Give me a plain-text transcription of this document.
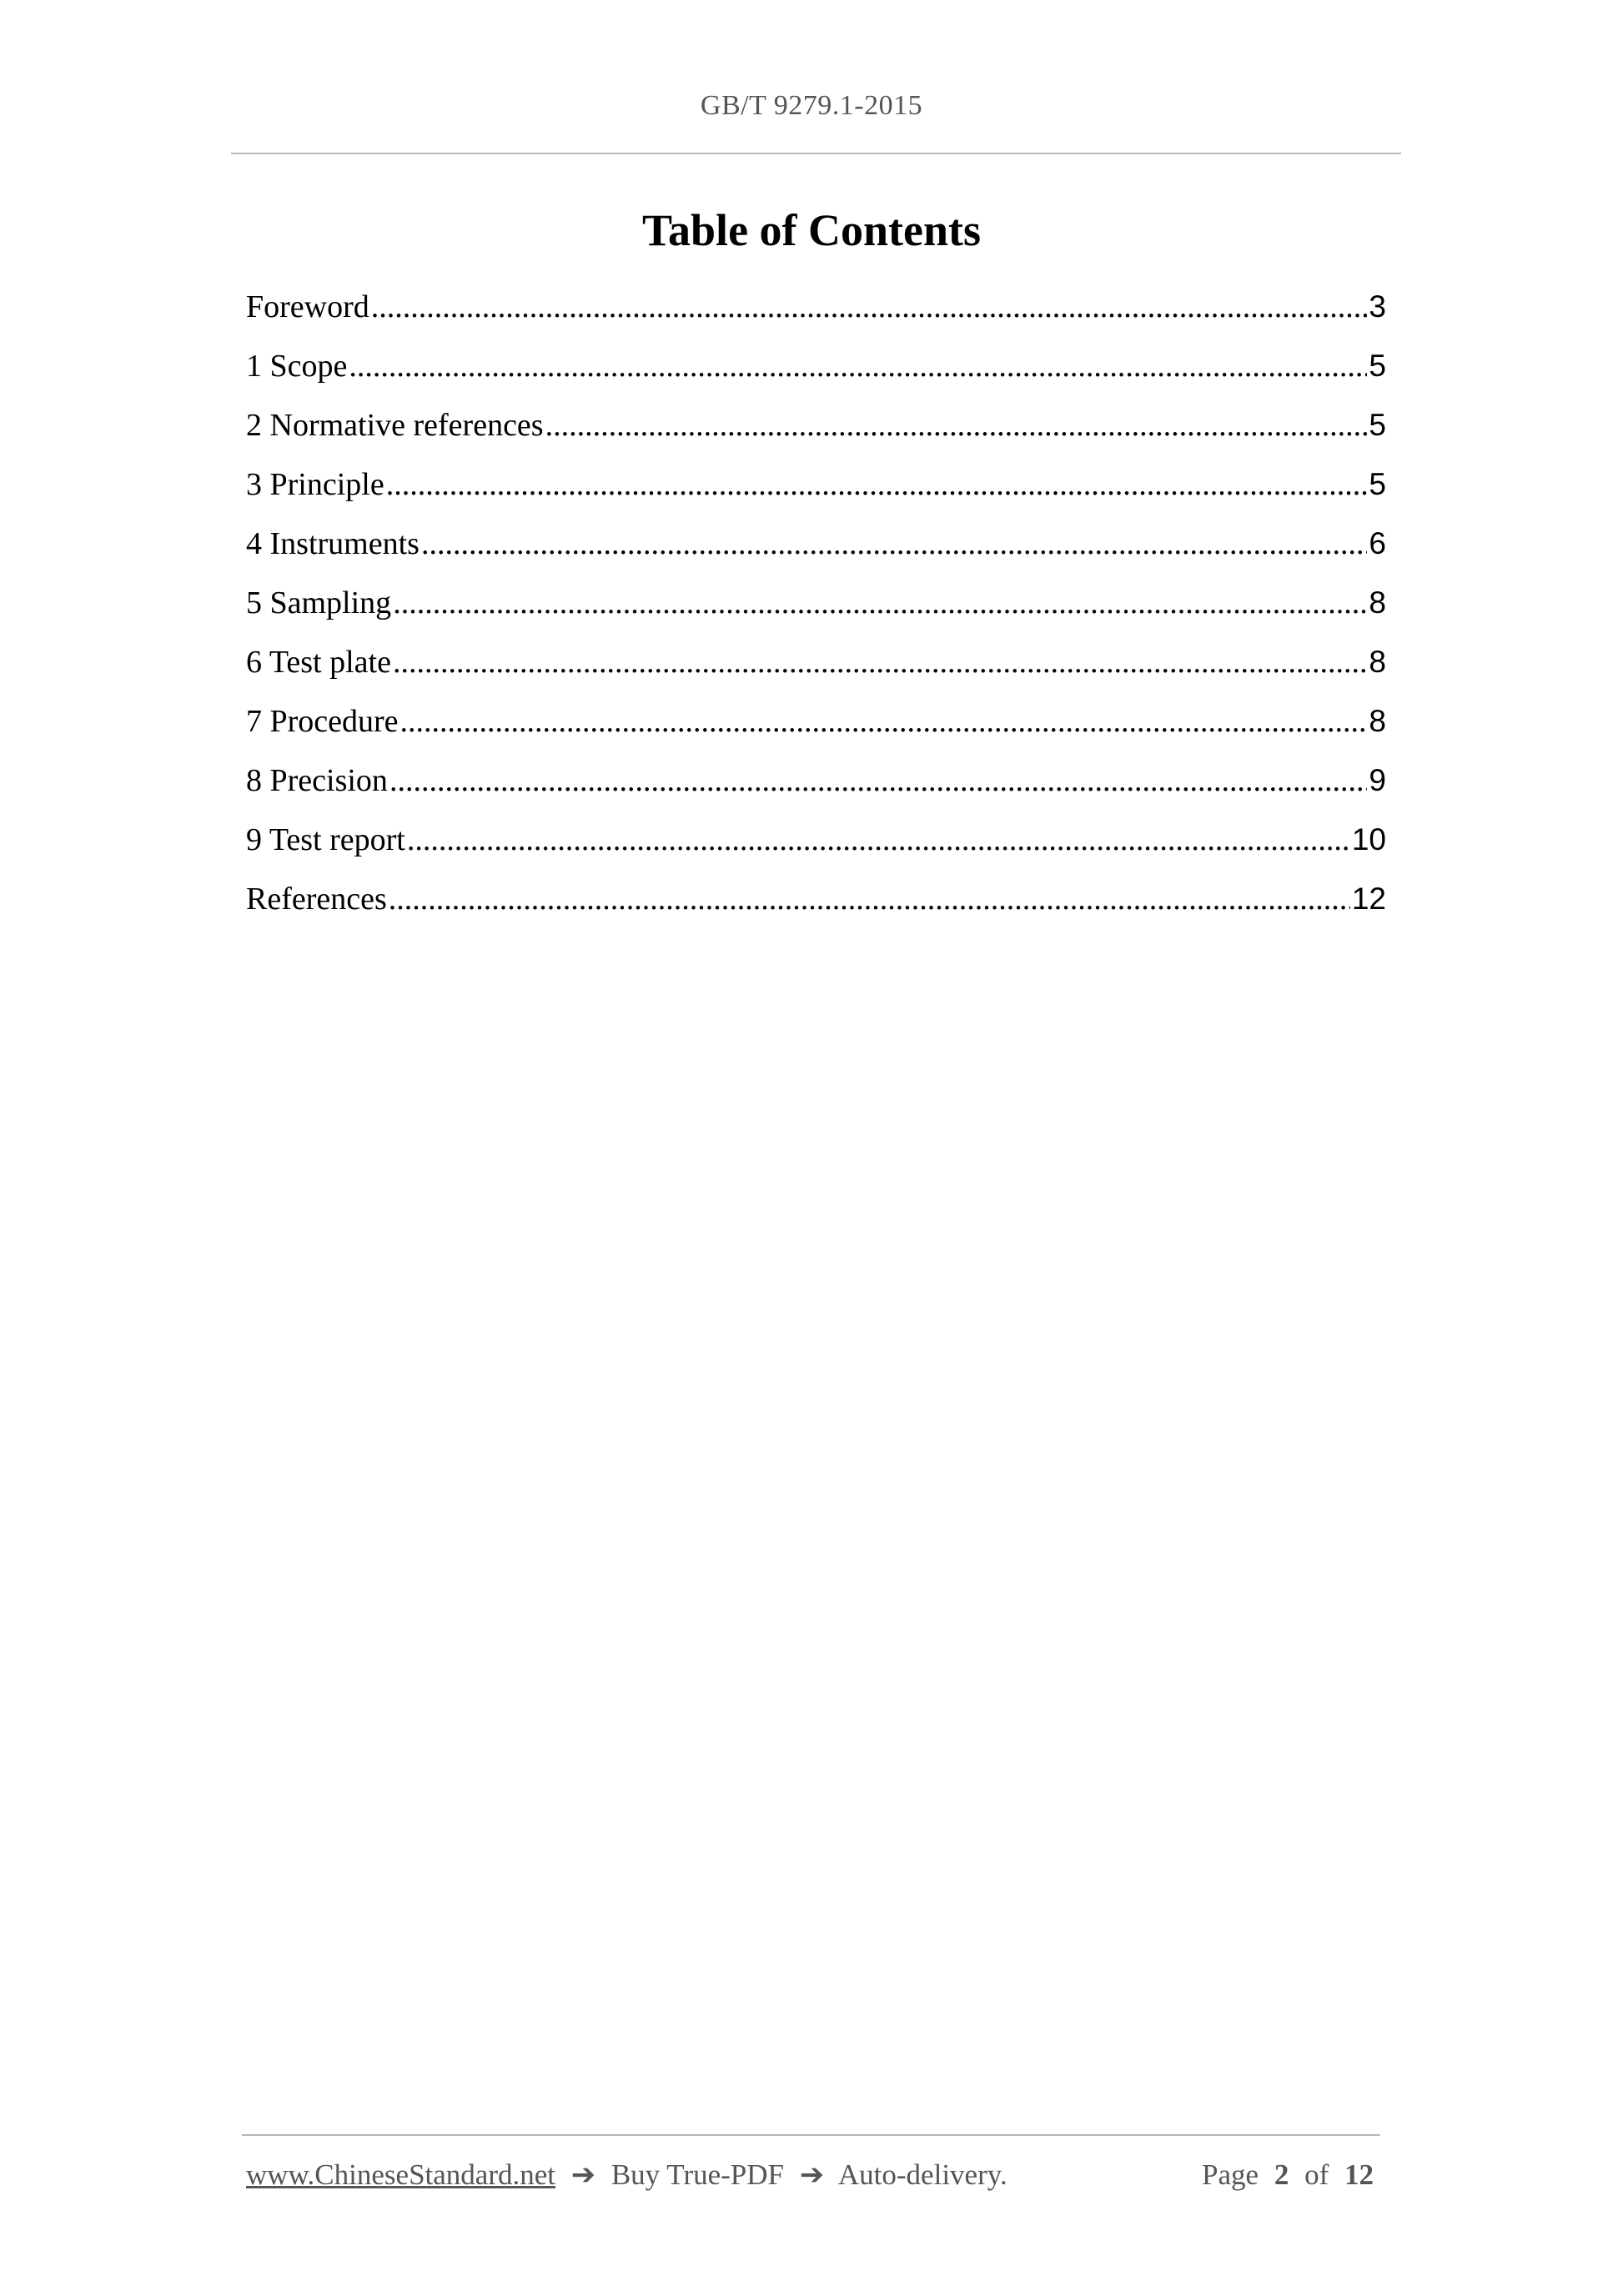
GB/T 9279.1-2015
Table of Contents
Foreword .....	3
1 Scope .....	5
2 Normative references .....	5
3 Principle .....	5
4 Instruments .....	6
5 Sampling .....	8
6 Test plate .....	8
7 Procedure .....	8
8 Precision .....	9
9 Test report .....	10
References .....	12
www.ChineseStandard.net ➔ Buy True-PDF ➔ Auto-delivery.	Page 2 of 12
